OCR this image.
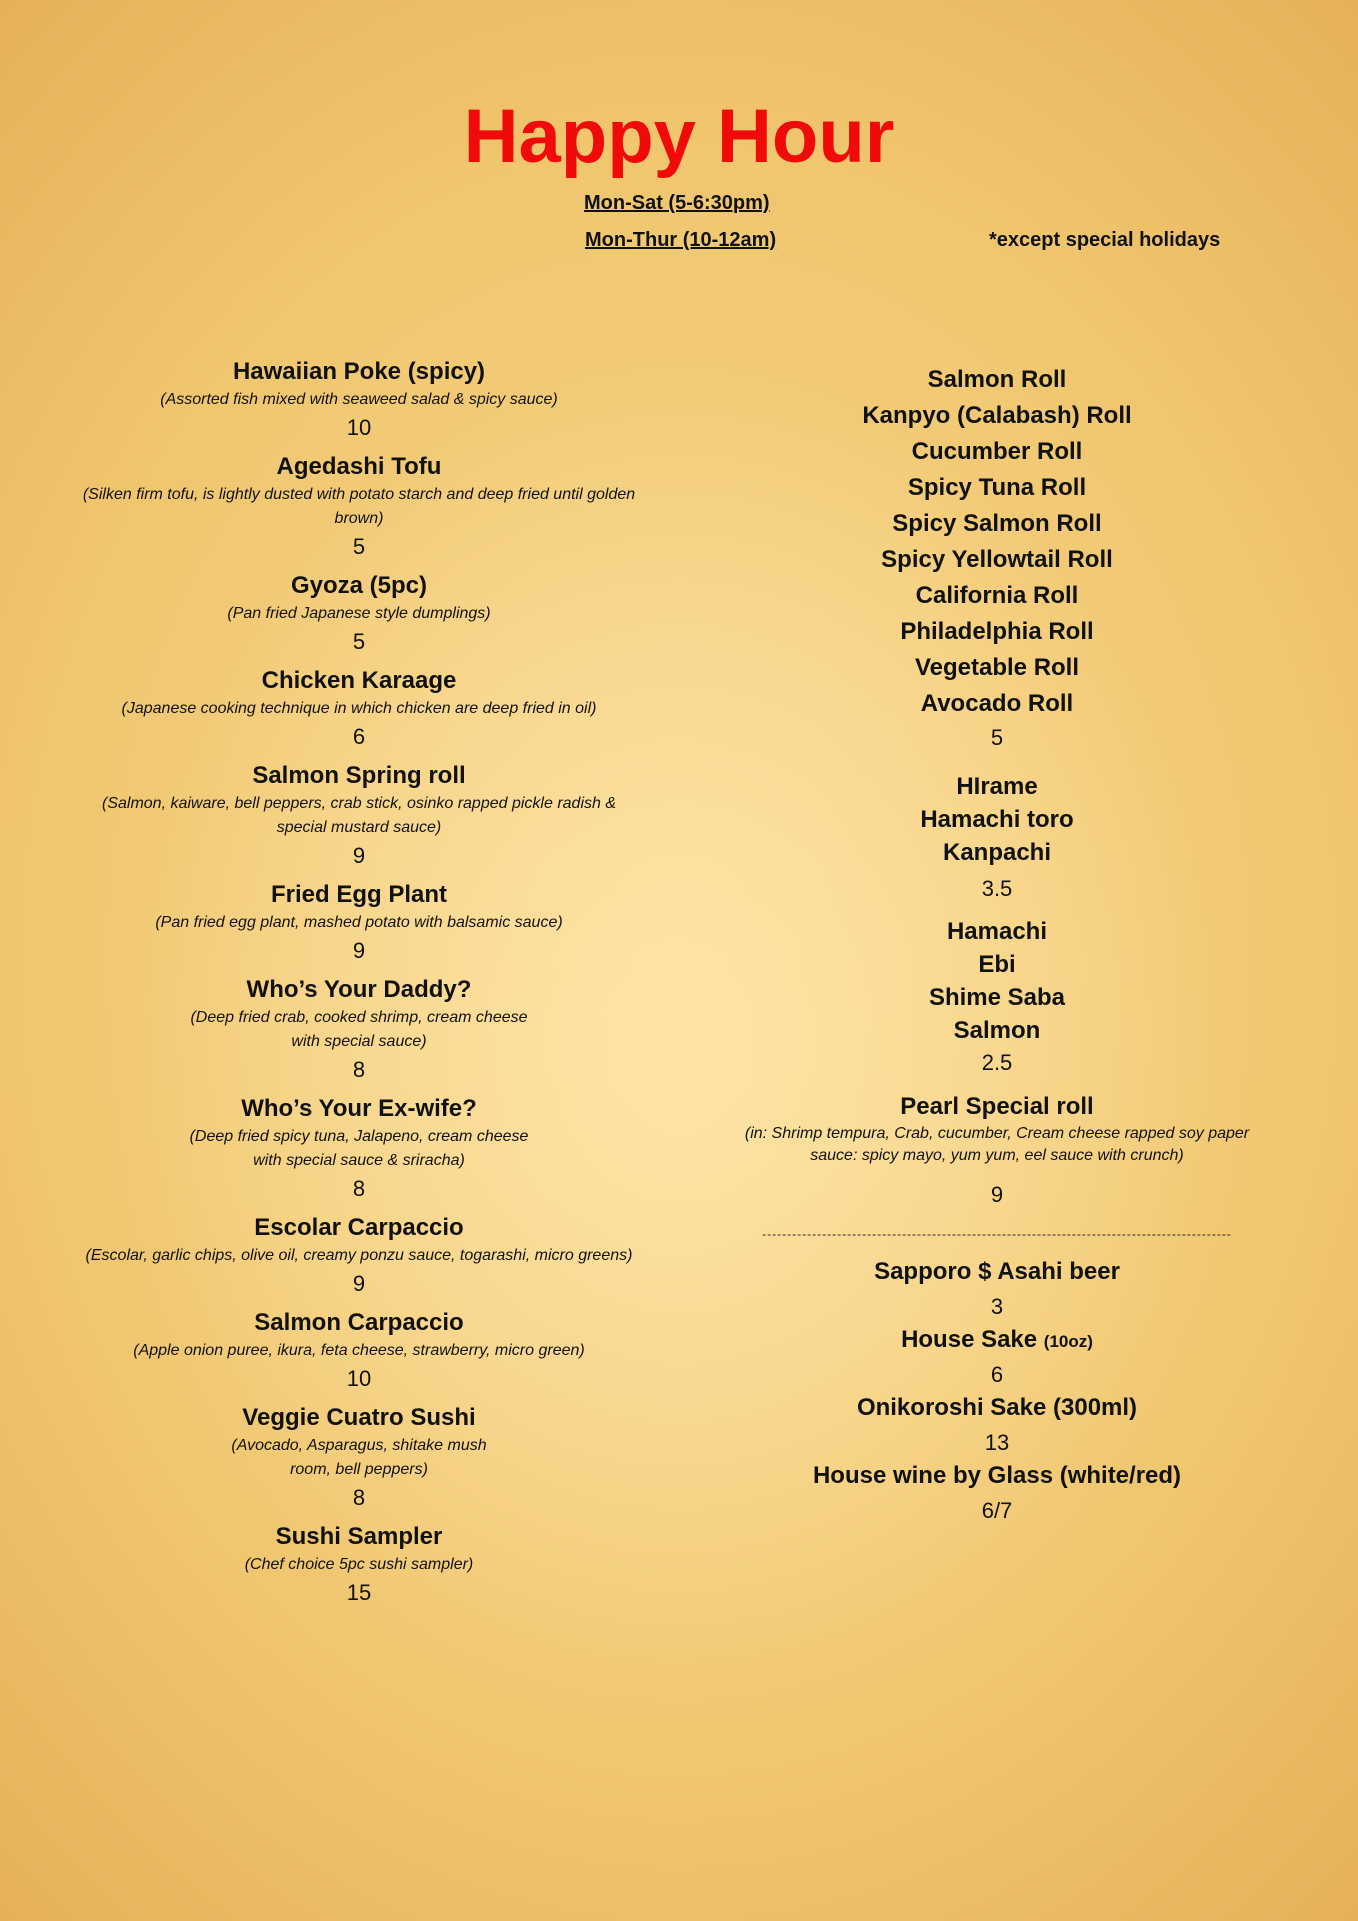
Happy Hour
Mon-Sat (5-6:30pm)
Mon-Thur (10-12am)	*except special holidays
Hawaiian Poke (spicy)
(Assorted fish mixed with seaweed salad & spicy sauce)
10
Agedashi Tofu
(Silken firm tofu, is lightly dusted with potato starch and deep fried until golden brown)
5
Gyoza (5pc)
(Pan fried Japanese style dumplings)
5
Chicken Karaage
(Japanese cooking technique in which chicken are deep fried in oil)
6
Salmon Spring roll
(Salmon, kaiware, bell peppers, crab stick, osinko rapped pickle radish & special mustard sauce)
9
Fried Egg Plant
(Pan fried egg plant, mashed potato with balsamic sauce)
9
Who’s Your Daddy?
(Deep fried crab, cooked shrimp, cream cheese with special sauce)
8
Who’s Your Ex-wife?
(Deep fried spicy tuna, Jalapeno, cream cheese with special sauce & sriracha)
8
Escolar Carpaccio
(Escolar, garlic chips, olive oil, creamy ponzu sauce, togarashi, micro greens)
9
Salmon Carpaccio
(Apple onion puree, ikura, feta cheese, strawberry, micro green)
10
Veggie Cuatro Sushi
(Avocado, Asparagus, shitake mush room, bell peppers)
8
Sushi Sampler
(Chef choice 5pc sushi sampler)
15
Salmon Roll
Kanpyo (Calabash) Roll
Cucumber Roll
Spicy Tuna Roll
Spicy Salmon Roll
Spicy Yellowtail Roll
California Roll
Philadelphia Roll
Vegetable Roll
Avocado Roll
5
HIrame
Hamachi toro
Kanpachi
3.5
Hamachi
Ebi
Shime Saba
Salmon
2.5
Pearl Special roll
(in: Shrimp tempura, Crab, cucumber, Cream cheese rapped soy paper
sauce: spicy mayo, yum yum, eel sauce with crunch)
9
----------------------------------------------------------------------------------------------
Sapporo $ Asahi beer
3
House Sake (10oz)
6
Onikoroshi Sake (300ml)
13
House wine by Glass (white/red)
6/7
